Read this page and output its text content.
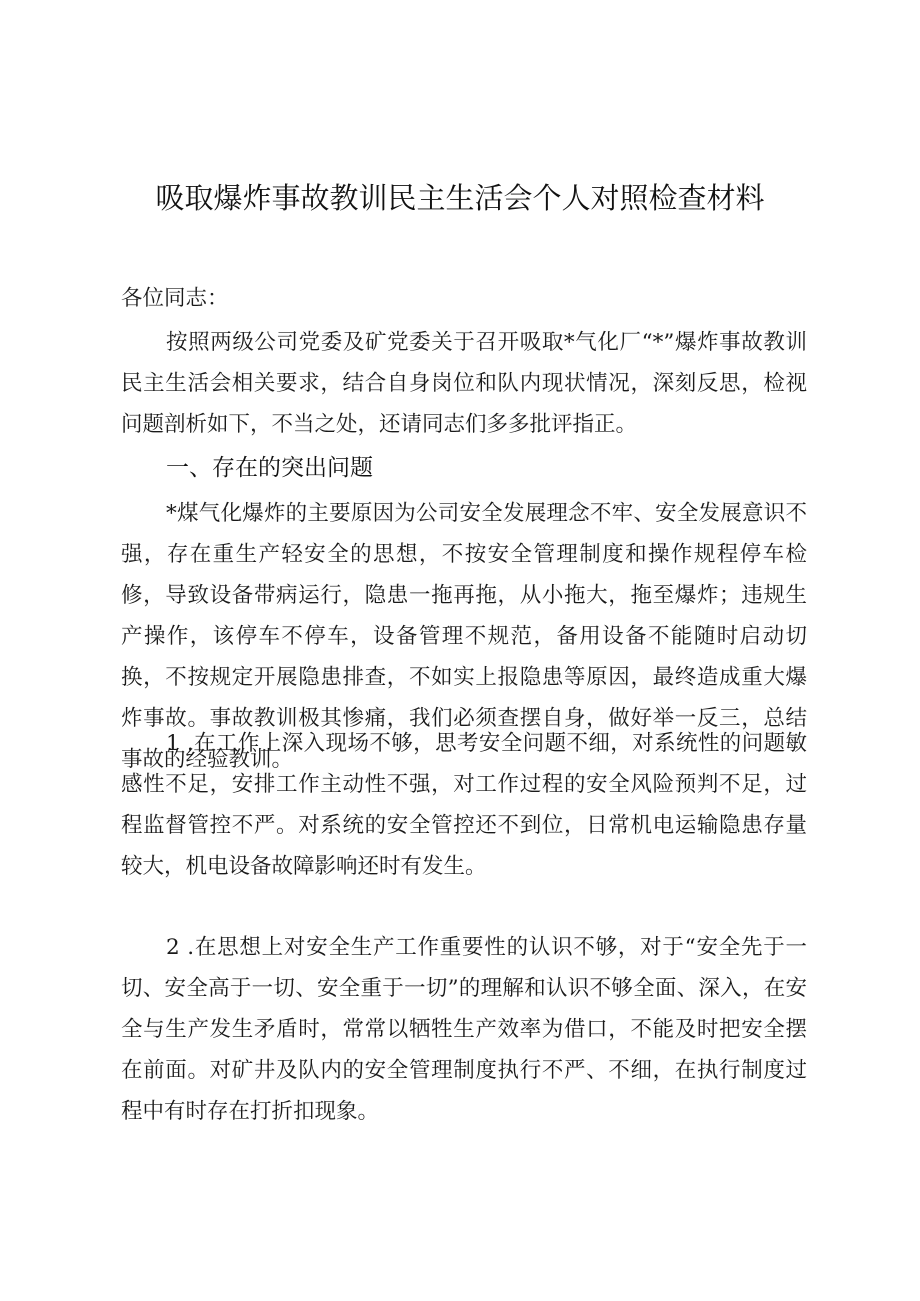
吸取爆炸事故教训民主生活会个人对照检查材料
各位同志：

按照两级公司党委及矿党委关于召开吸取*气化厂“*”爆炸事故教训民主生活会相关要求，结合自身岗位和队内现状情况，深刻反思，检视问题剖析如下，不当之处，还请同志们多多批评指正。

一、存在的突出问题

*煤气化爆炸的主要原因为公司安全发展理念不牢、安全发展意识不强，存在重生产轻安全的思想，不按安全管理制度和操作规程停车检修，导致设备带病运行，隐患一拖再拖，从小拖大，拖至爆炸；违规生产操作，该停车不停车，设备管理不规范，备用设备不能随时启动切换，不按规定开展隐患排查，不如实上报隐患等原因，最终造成重大爆炸事故。事故教训极其惨痛，我们必须查摆自身，做好举一反三，总结事故的经验教训。

1 .在工作上深入现场不够，思考安全问题不细，对系统性的问题敏感性不足，安排工作主动性不强，对工作过程的安全风险预判不足，过程监督管控不严。对系统的安全管控还不到位，日常机电运输隐患存量较大，机电设备故障影响还时有发生。

2 .在思想上对安全生产工作重要性的认识不够，对于“安全先于一切、安全高于一切、安全重于一切”的理解和认识不够全面、深入，在安全与生产发生矛盾时，常常以牺牲生产效率为借口，不能及时把安全摆在前面。对矿井及队内的安全管理制度执行不严、不细，在执行制度过程中有时存在打折扣现象。
